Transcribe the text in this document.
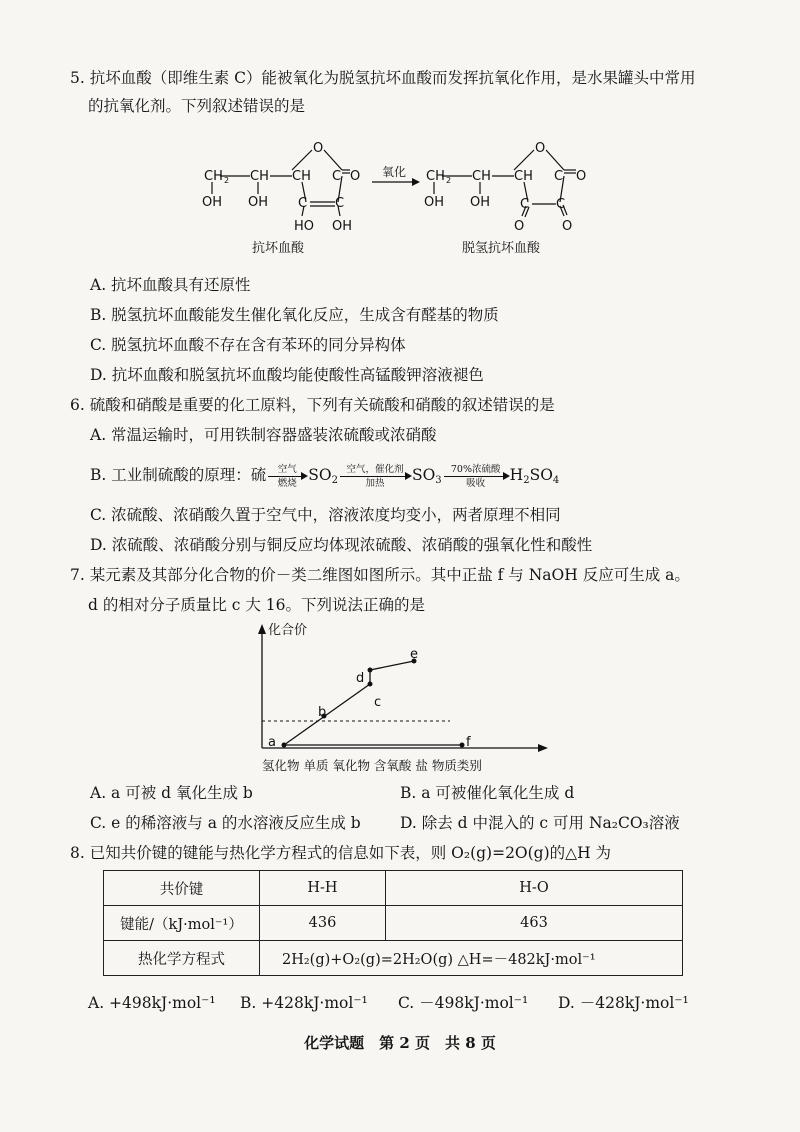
5. 抗坏血酸（即维生素 C）能被氧化为脱氢抗坏血酸而发挥抗氧化作用，是水果罐头中常用
的抗氧化剂。下列叙述错误的是
CH 2 CH CH
O
C O
OH OH C C
HO OH
CH 2 CH CH
O
C O
OH OH C C
O	O
氧化
抗坏血酸	脱氢抗坏血酸
A. 抗坏血酸具有还原性
B. 脱氢抗坏血酸能发生催化氧化反应，生成含有醛基的物质
C. 脱氢抗坏血酸不存在含有苯环的同分异构体
D. 抗坏血酸和脱氢抗坏血酸均能使酸性高锰酸钾溶液褪色
6. 硫酸和硝酸是重要的化工原料，下列有关硫酸和硝酸的叙述错误的是
A. 常温运输时，可用铁制容器盛装浓硫酸或浓硝酸
B. 工业制硫酸的原理：硫	空气
燃烧 $SO_2$
空气，催化剂
加热	$SO_3$
70%浓硫酸
吸收	$H_2SO_4$
C. 浓硫酸、浓硝酸久置于空气中，溶液浓度均变小，两者原理不相同
D. 浓硫酸、浓硝酸分别与铜反应均体现浓硫酸、浓硝酸的强氧化性和酸性
7. 某元素及其部分化合物的价－类二维图如图所示。其中正盐 f 与 NaOH 反应可生成 a。
d 的相对分子质量比 c 大 16。下列说法正确的是
化合价
a
b
c
d
e
f
氢化物 单质 氧化物 含氧酸 盐 物质类别
A. a 可被 d 氧化生成 b	B. a 可被催化氧化生成 d
C. e 的稀溶液与 a 的水溶液反应生成 b	D. 除去 d 中混入的 c 可用 Na₂CO₃溶液
8. 已知共价键的键能与热化学方程式的信息如下表，则 O₂(g)=2O(g)的△H 为
共价键	H-H	H-O
键能/（kJ·mol⁻¹）	436	463
热化学方程式	2H₂(g)+O₂(g)=2H₂O(g) △H=－482kJ·mol⁻¹	
A. +498kJ·mol⁻¹ B. +428kJ·mol⁻¹ C. －498kJ·mol⁻¹ D. －428kJ·mol⁻¹
化学试题　第 2 页　共 8 页
